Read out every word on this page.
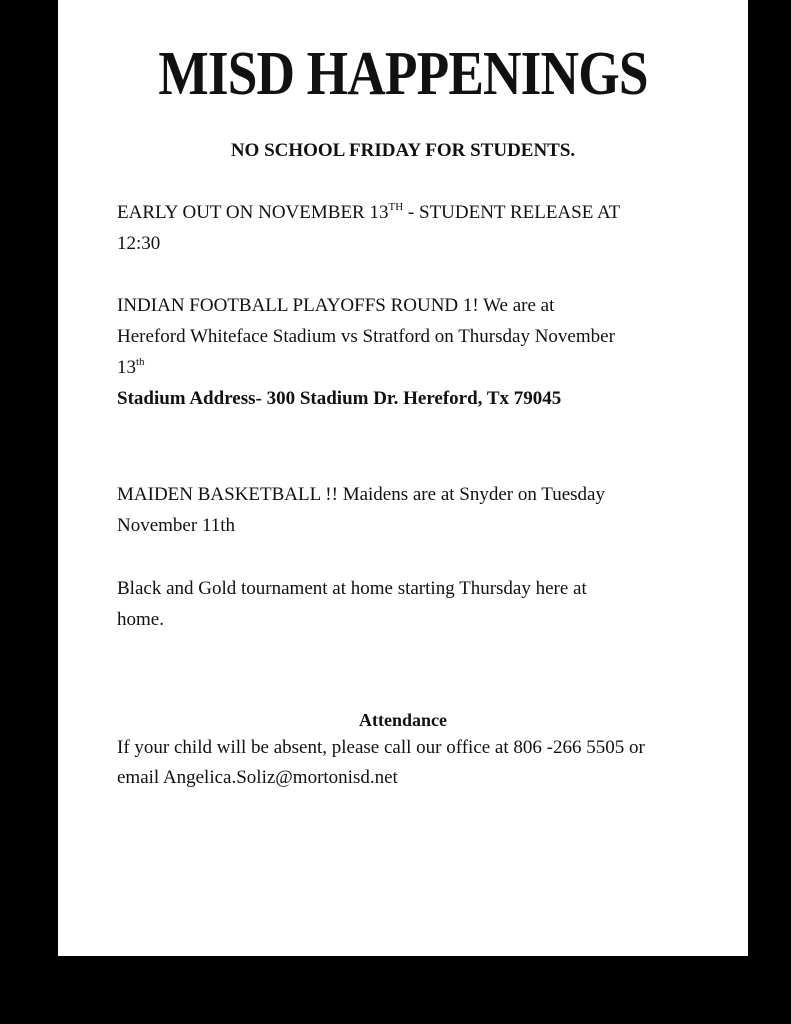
MISD HAPPENINGS
NO SCHOOL FRIDAY FOR STUDENTS.
EARLY OUT ON NOVEMBER 13TH - STUDENT RELEASE AT
12:30
INDIAN FOOTBALL PLAYOFFS ROUND 1! We are at
Hereford Whiteface Stadium vs Stratford on Thursday November
13th
Stadium Address- 300 Stadium Dr. Hereford, Tx 79045
MAIDEN BASKETBALL !! Maidens are at Snyder on Tuesday
November 11th
Black and Gold tournament at home starting Thursday here at
home.
Attendance
If your child will be absent, please call our office at 806 -266 5505 or
email Angelica.Soliz@mortonisd.net
